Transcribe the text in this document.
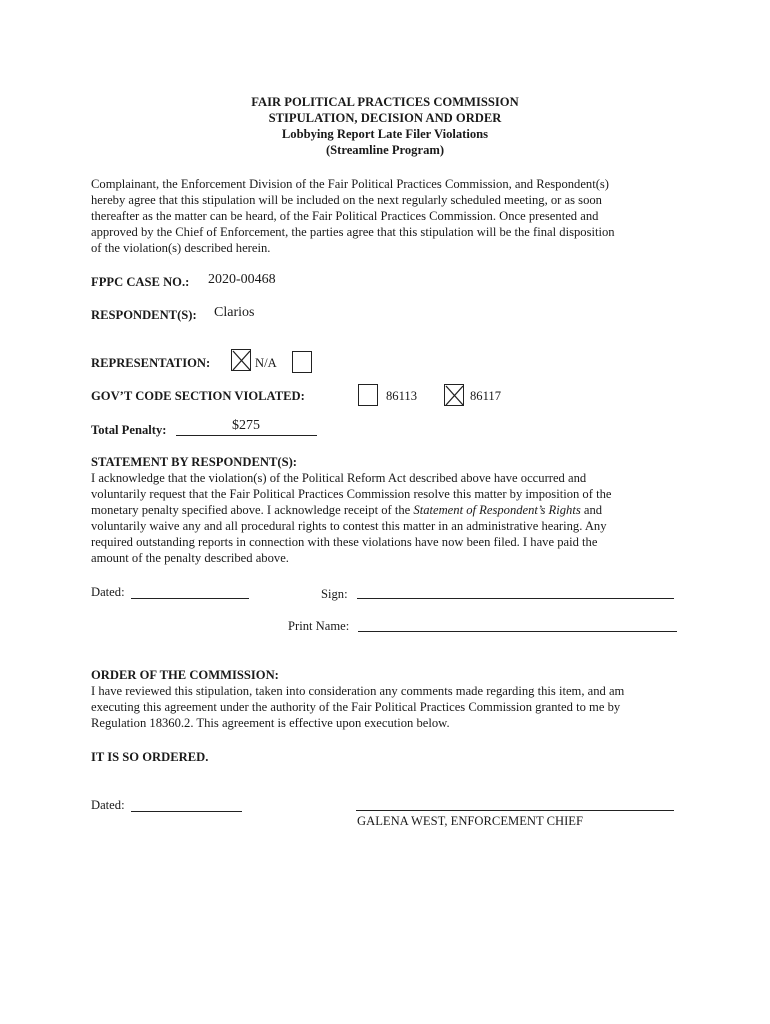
FAIR POLITICAL PRACTICES COMMISSION
STIPULATION, DECISION AND ORDER
Lobbying Report Late Filer Violations
(Streamline Program)
Complainant, the Enforcement Division of the Fair Political Practices Commission, and Respondent(s)
hereby agree that this stipulation will be included on the next regularly scheduled meeting, or as soon
thereafter as the matter can be heard, of the Fair Political Practices Commission. Once presented and
approved by the Chief of Enforcement, the parties agree that this stipulation will be the final disposition
of the violation(s) described herein.
FPPC CASE NO.: 2020-00468
RESPONDENT(S): Clarios
REPRESENTATION:	N/A
GOV’T CODE SECTION VIOLATED:	86113	86117
Total Penalty:	$275
STATEMENT BY RESPONDENT(S):
I acknowledge that the violation(s) of the Political Reform Act described above have occurred and
voluntarily request that the Fair Political Practices Commission resolve this matter by imposition of the
monetary penalty specified above. I acknowledge receipt of the Statement of Respondent’s Rights and
voluntarily waive any and all procedural rights to contest this matter in an administrative hearing. Any
required outstanding reports in connection with these violations have now been filed. I have paid the
amount of the penalty described above.
Dated:	Sign:
Print Name:
ORDER OF THE COMMISSION:
I have reviewed this stipulation, taken into consideration any comments made regarding this item, and am
executing this agreement under the authority of the Fair Political Practices Commission granted to me by
Regulation 18360.2. This agreement is effective upon execution below.
IT IS SO ORDERED.
Dated:
GALENA WEST, ENFORCEMENT CHIEF
